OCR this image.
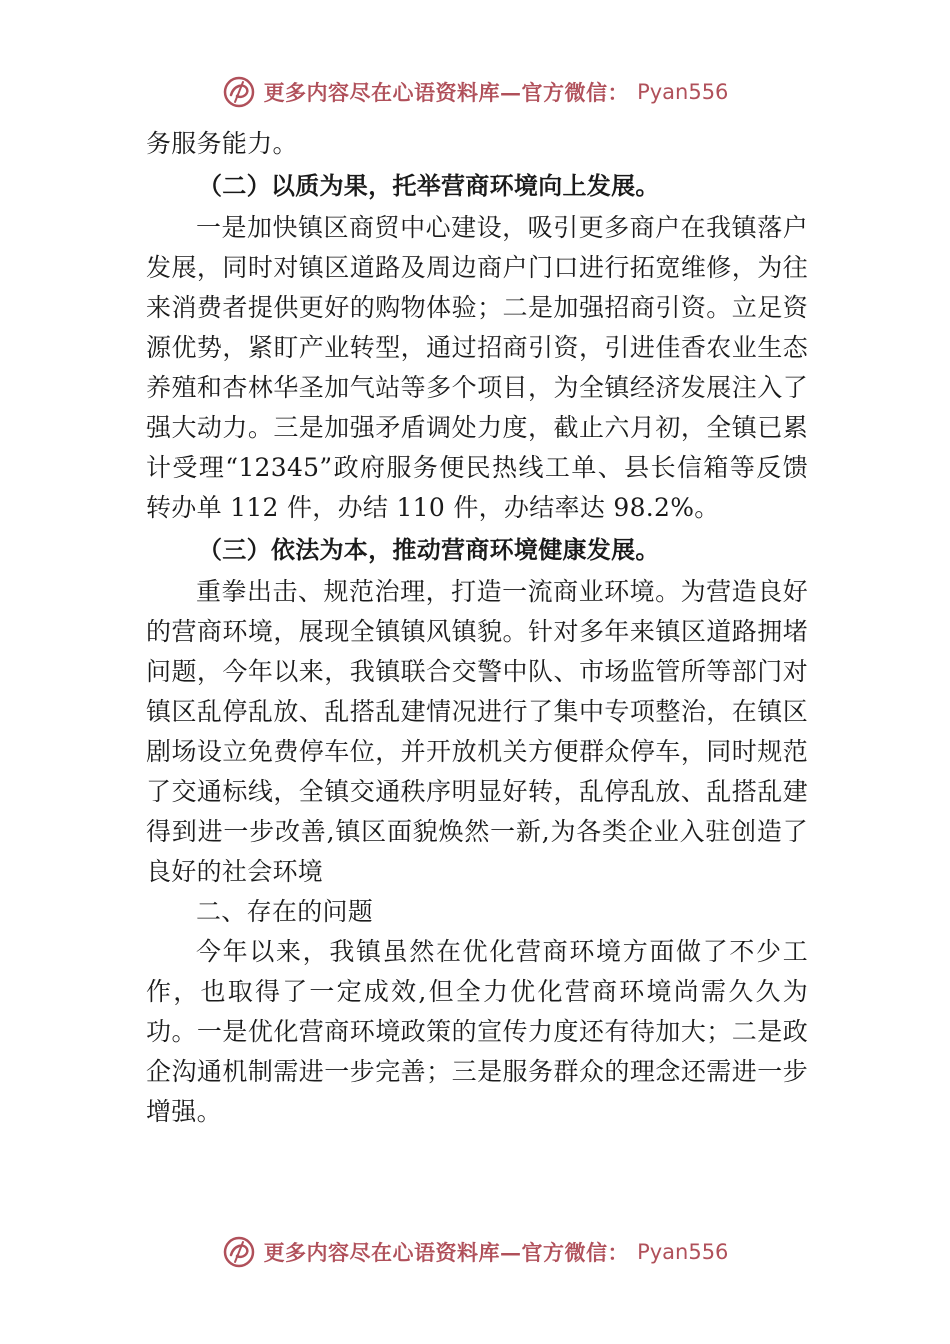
更多内容尽在心语资料库—官方微信： Pyan556

务服务能力。

（二）以质为果，托举营商环境向上发展。

一是加快镇区商贸中心建设，吸引更多商户在我镇落户发展，同时对镇区道路及周边商户门口进行拓宽维修，为往来消费者提供更好的购物体验；二是加强招商引资。立足资源优势，紧盯产业转型，通过招商引资，引进佳香农业生态养殖和杏林华圣加气站等多个项目，为全镇经济发展注入了强大动力。三是加强矛盾调处力度，截止六月初，全镇已累计受理“12345”政府服务便民热线工单、县长信箱等反馈转办单 112 件，办结 110 件，办结率达 98.2%。

（三）依法为本，推动营商环境健康发展。

重拳出击、规范治理，打造一流商业环境。为营造良好的营商环境，展现全镇镇风镇貌。针对多年来镇区道路拥堵问题，今年以来，我镇联合交警中队、市场监管所等部门对镇区乱停乱放、乱搭乱建情况进行了集中专项整治，在镇区剧场设立免费停车位，并开放机关方便群众停车，同时规范了交通标线，全镇交通秩序明显好转，乱停乱放、乱搭乱建得到进一步改善,镇区面貌焕然一新,为各类企业入驻创造了良好的社会环境

二、存在的问题

今年以来，我镇虽然在优化营商环境方面做了不少工作，也取得了一定成效,但全力优化营商环境尚需久久为功。一是优化营商环境政策的宣传力度还有待加大；二是政企沟通机制需进一步完善；三是服务群众的理念还需进一步增强。

更多内容尽在心语资料库—官方微信： Pyan556
